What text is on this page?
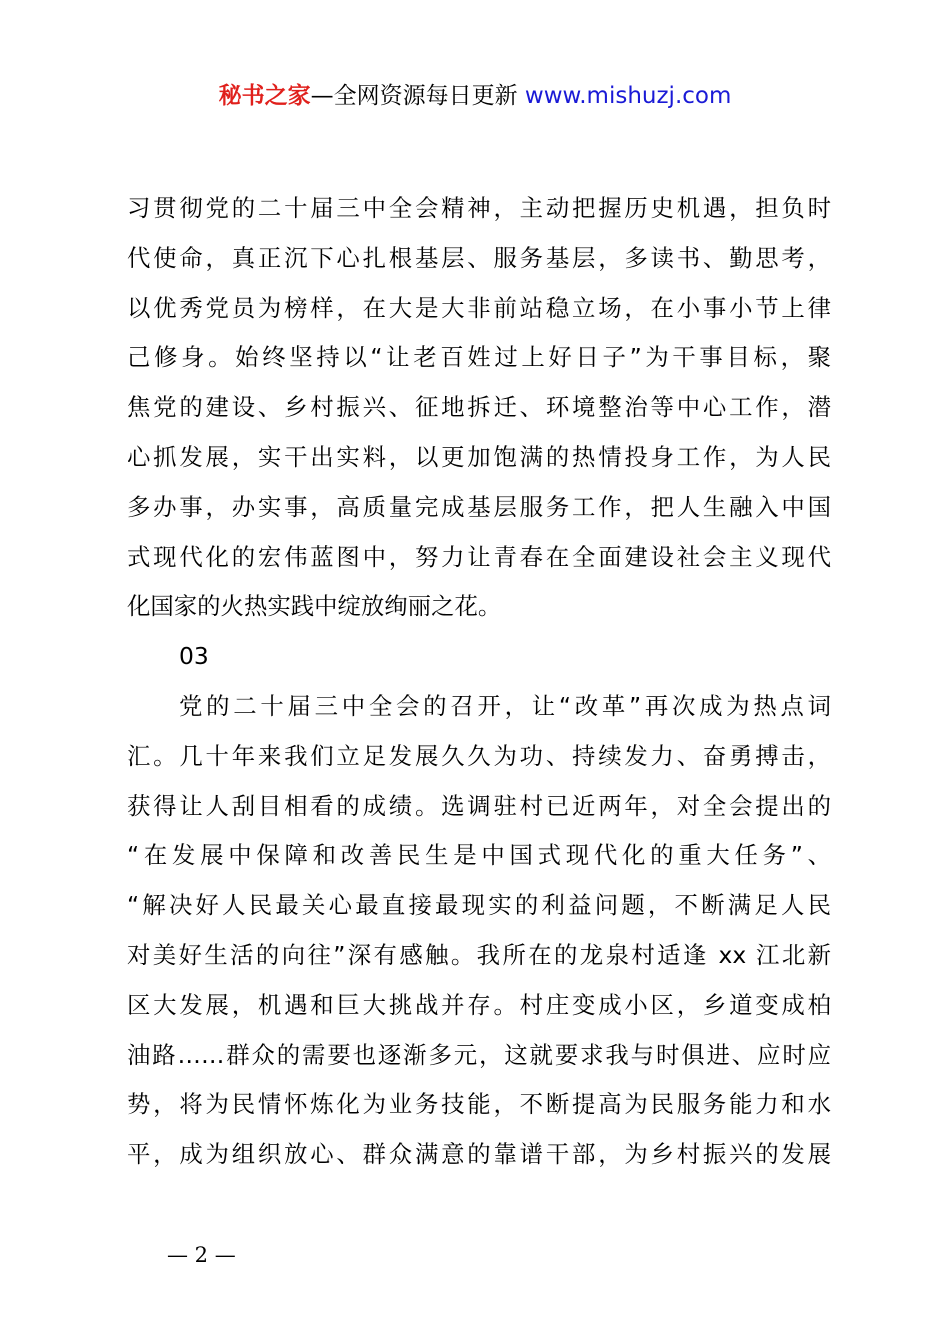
秘书之家—全网资源每日更新 www.mishuzj.com
习贯彻党的二十届三中全会精神，主动把握历史机遇，担负时
代使命，真正沉下心扎根基层、服务基层，多读书、勤思考，
以优秀党员为榜样，在大是大非前站稳立场，在小事小节上律
己修身。始终坚持以“让老百姓过上好日子”为干事目标，聚
焦党的建设、乡村振兴、征地拆迁、环境整治等中心工作，潜
心抓发展，实干出实料，以更加饱满的热情投身工作，为人民
多办事，办实事，高质量完成基层服务工作，把人生融入中国
式现代化的宏伟蓝图中，努力让青春在全面建设社会主义现代
化国家的火热实践中绽放绚丽之花。
03
党的二十届三中全会的召开，让“改革”再次成为热点词
汇。几十年来我们立足发展久久为功、持续发力、奋勇搏击，
获得让人刮目相看的成绩。选调驻村已近两年，对全会提出的
“在发展中保障和改善民生是中国式现代化的重大任务”、
“解决好人民最关心最直接最现实的利益问题，不断满足人民
对美好生活的向往”深有感触。我所在的龙泉村适逢 xx 江北新
区大发展，机遇和巨大挑战并存。村庄变成小区，乡道变成柏
油路……群众的需要也逐渐多元，这就要求我与时俱进、应时应
势，将为民情怀炼化为业务技能，不断提高为民服务能力和水
平，成为组织放心、群众满意的靠谱干部，为乡村振兴的发展
— 2 —
